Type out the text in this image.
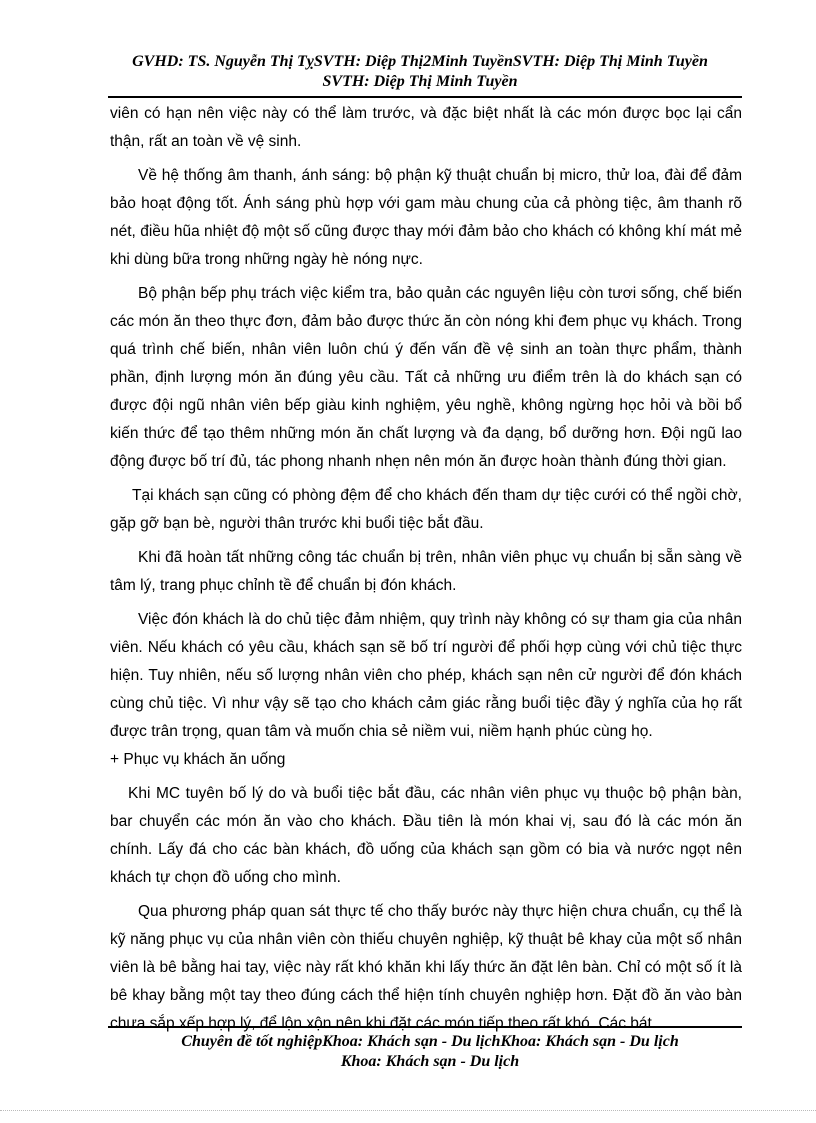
GVHD: TS. Nguyễn Thị TỵSVTH: Diệp Thị2Minh TuyềnSVTH: Diệp Thị Minh Tuyền
SVTH: Diệp Thị Minh Tuyền

viên có hạn nên việc này có thể làm trước, và đặc biệt nhất là các món được bọc lại cẩn thận, rất an toàn về vệ sinh.

Về hệ thống âm thanh, ánh sáng: bộ phận kỹ thuật chuẩn bị micro, thử loa, đài để đảm bảo hoạt động tốt. Ánh sáng phù hợp với gam màu chung của cả phòng tiệc, âm thanh rõ nét, điều hũa nhiệt độ một số cũng được thay mới đảm bảo cho khách có không khí mát mẻ khi dùng bữa trong những ngày hè nóng nực.

Bộ phận bếp phụ trách việc kiểm tra, bảo quản các nguyên liệu còn tươi sống, chế biến các món ăn theo thực đơn, đảm bảo được thức ăn còn nóng khi đem phục vụ khách. Trong quá trình chế biến, nhân viên luôn chú ý đến vấn đề vệ sinh an toàn thực phẩm, thành phần, định lượng món ăn đúng yêu cầu. Tất cả những ưu điểm trên là do khách sạn có được đội ngũ nhân viên bếp giàu kinh nghiệm, yêu nghề, không ngừng học hỏi và bồi bổ kiến thức để tạo thêm những món ăn chất lượng và đa dạng, bổ dưỡng hơn. Đội ngũ lao động được bố trí đủ, tác phong nhanh nhẹn nên món ăn được hoàn thành đúng thời gian.

Tại khách sạn cũng có phòng đệm để cho khách đến tham dự tiệc cưới có thể ngồi chờ, gặp gỡ bạn bè, người thân trước khi buổi tiệc bắt đầu.

Khi đã hoàn tất những công tác chuẩn bị trên, nhân viên phục vụ chuẩn bị sẵn sàng về tâm lý, trang phục chỉnh tề để chuẩn bị đón khách.

Việc đón khách là do chủ tiệc đảm nhiệm, quy trình này không có sự tham gia của nhân viên. Nếu khách có yêu cầu, khách sạn sẽ bố trí người để phối hợp cùng với chủ tiệc thực hiện. Tuy nhiên, nếu số lượng nhân viên cho phép, khách sạn nên cử người để đón khách cùng chủ tiệc. Vì như vậy sẽ tạo cho khách cảm giác rằng buổi tiệc đầy ý nghĩa của họ rất được trân trọng, quan tâm và muốn chia sẻ niềm vui, niềm hạnh phúc cùng họ.

+ Phục vụ khách ăn uống

Khi MC tuyên bố lý do và buổi tiệc bắt đầu, các nhân viên phục vụ thuộc bộ phận bàn, bar chuyển các món ăn vào cho khách. Đầu tiên là món khai vị, sau đó là các món ăn chính. Lấy đá cho các bàn khách, đồ uống của khách sạn gồm có bia và nước ngọt nên khách tự chọn đồ uống cho mình.

Qua phương pháp quan sát thực tế cho thấy bước này thực hiện chưa chuẩn, cụ thể là kỹ năng phục vụ của nhân viên còn thiếu chuyên nghiệp, kỹ thuật bê khay của một số nhân viên là bê bằng hai tay, việc này rất khó khăn khi lấy thức ăn đặt lên bàn. Chỉ có một số ít là bê khay bằng một tay theo đúng cách thể hiện tính chuyên nghiệp hơn. Đặt đồ ăn vào bàn chưa sắp xếp hợp lý, để lộn xộn nên khi đặt các món tiếp theo rất khó. Các bát

Chuyên đề tốt nghiệpKhoa: Khách sạn - Du lịchKhoa: Khách sạn - Du lịch
Khoa: Khách sạn - Du lịch
